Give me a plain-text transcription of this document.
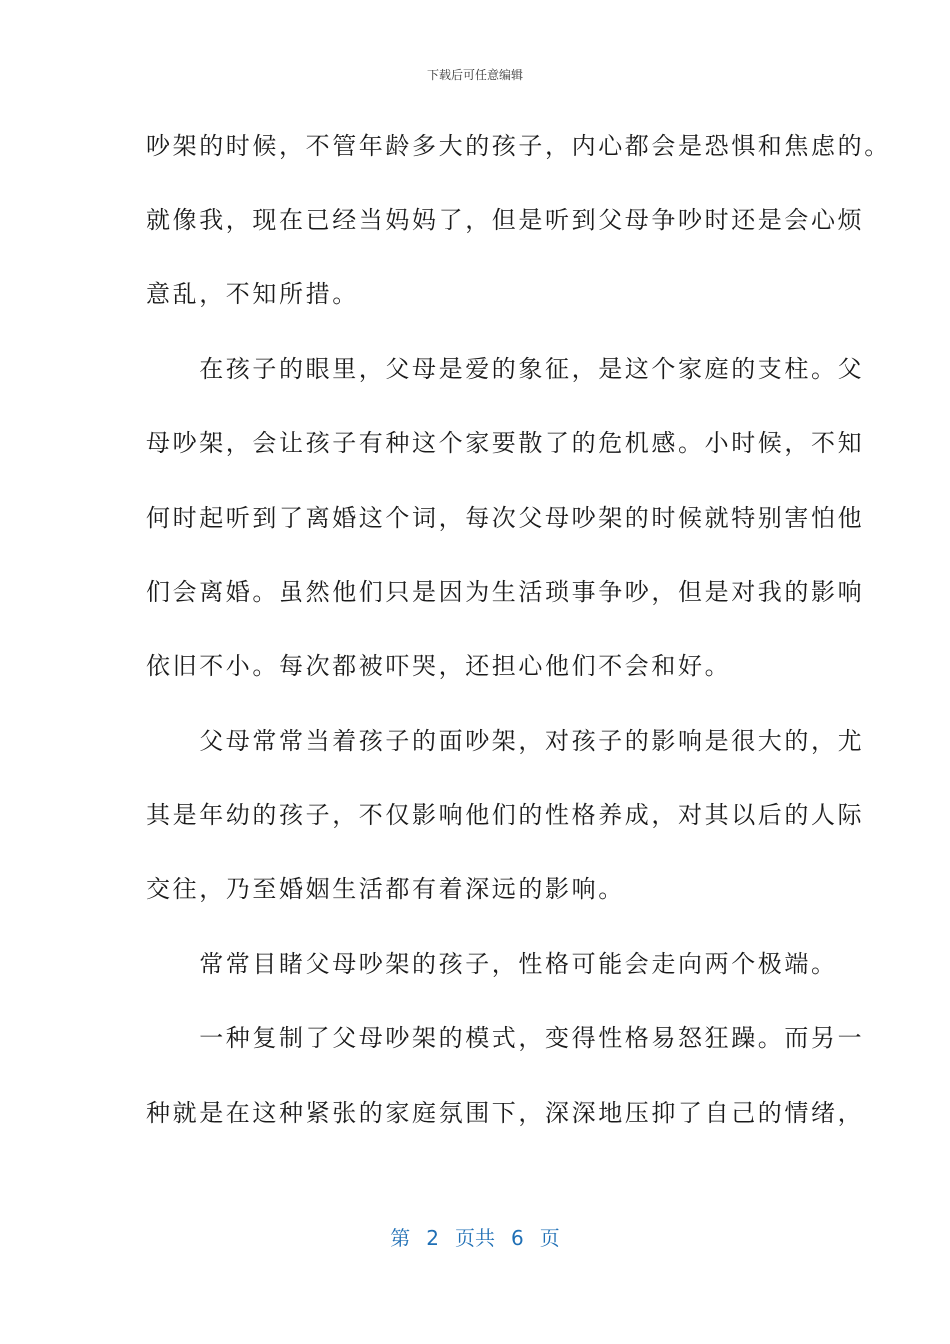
下载后可任意编辑
吵架的时候，不管年龄多大的孩子，内心都会是恐惧和焦虑的。
就像我，现在已经当妈妈了，但是听到父母争吵时还是会心烦
意乱，不知所措。
　　在孩子的眼里，父母是爱的象征，是这个家庭的支柱。父
母吵架，会让孩子有种这个家要散了的危机感。小时候，不知
何时起听到了离婚这个词，每次父母吵架的时候就特别害怕他
们会离婚。虽然他们只是因为生活琐事争吵，但是对我的影响
依旧不小。每次都被吓哭，还担心他们不会和好。
　　父母常常当着孩子的面吵架，对孩子的影响是很大的，尤
其是年幼的孩子，不仅影响他们的性格养成，对其以后的人际
交往，乃至婚姻生活都有着深远的影响。
　　常常目睹父母吵架的孩子，性格可能会走向两个极端。
　　一种复制了父母吵架的模式，变得性格易怒狂躁。而另一
种就是在这种紧张的家庭氛围下，深深地压抑了自己的情绪，
第 2 页共 6 页
